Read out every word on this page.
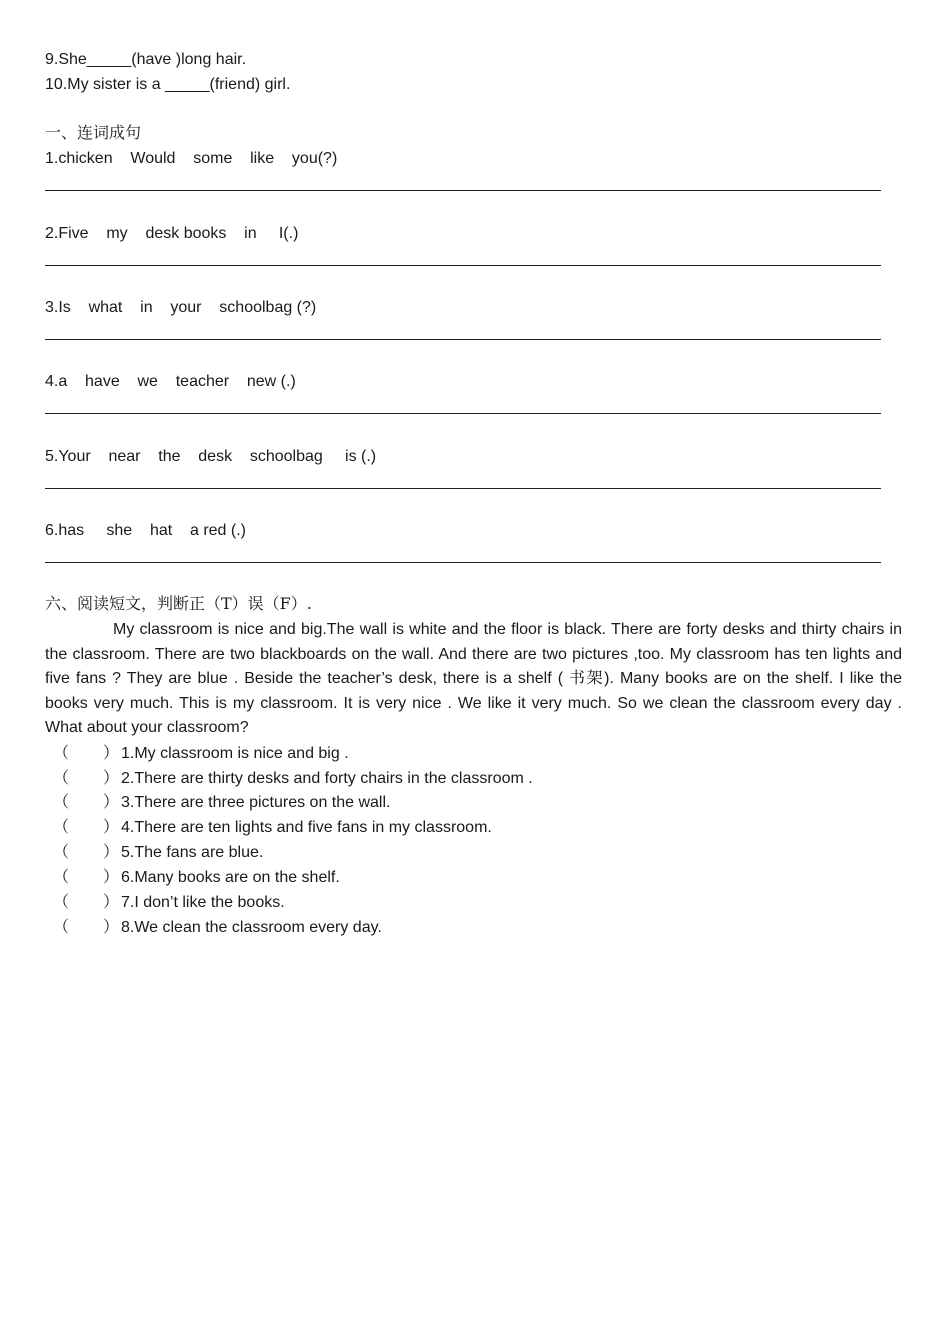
9.She_____(have )long hair.
10.My sister is a _____(friend) girl.
一、连词成句
1.chicken    Would    some    like    you(?)
2.Five    my    desk books    in     I(.)
3.Is    what    in    your    schoolbag (?)
4.a    have    we    teacher    new (.)
5.Your    near    the    desk    schoolbag     is (.)
6.has     she    hat    a red (.)
六、阅读短文，判断正（T）误（F）.
My classroom is nice and big.The wall is white and the floor is black. There are forty desks and thirty chairs in the classroom. There are two blackboards on the wall. And there are two pictures ,too. My classroom has ten lights and five fans ? They are blue . Beside the teacher’s desk, there is a shelf ( 书架). Many books are on the shelf. I like the books very much. This is my classroom. It is very nice . We like it very much. So we clean the classroom every day . What about your classroom?
（ ） 1.My classroom is nice and big .
（ ） 2.There are thirty desks and forty chairs in the classroom .
（ ） 3.There are three pictures on the wall.
（ ） 4.There are ten lights and five fans in my classroom.
（ ） 5.The fans are blue.
（ ） 6.Many books are on the shelf.
（ ） 7.I don’t like the books.
（ ） 8.We clean the classroom every day.
